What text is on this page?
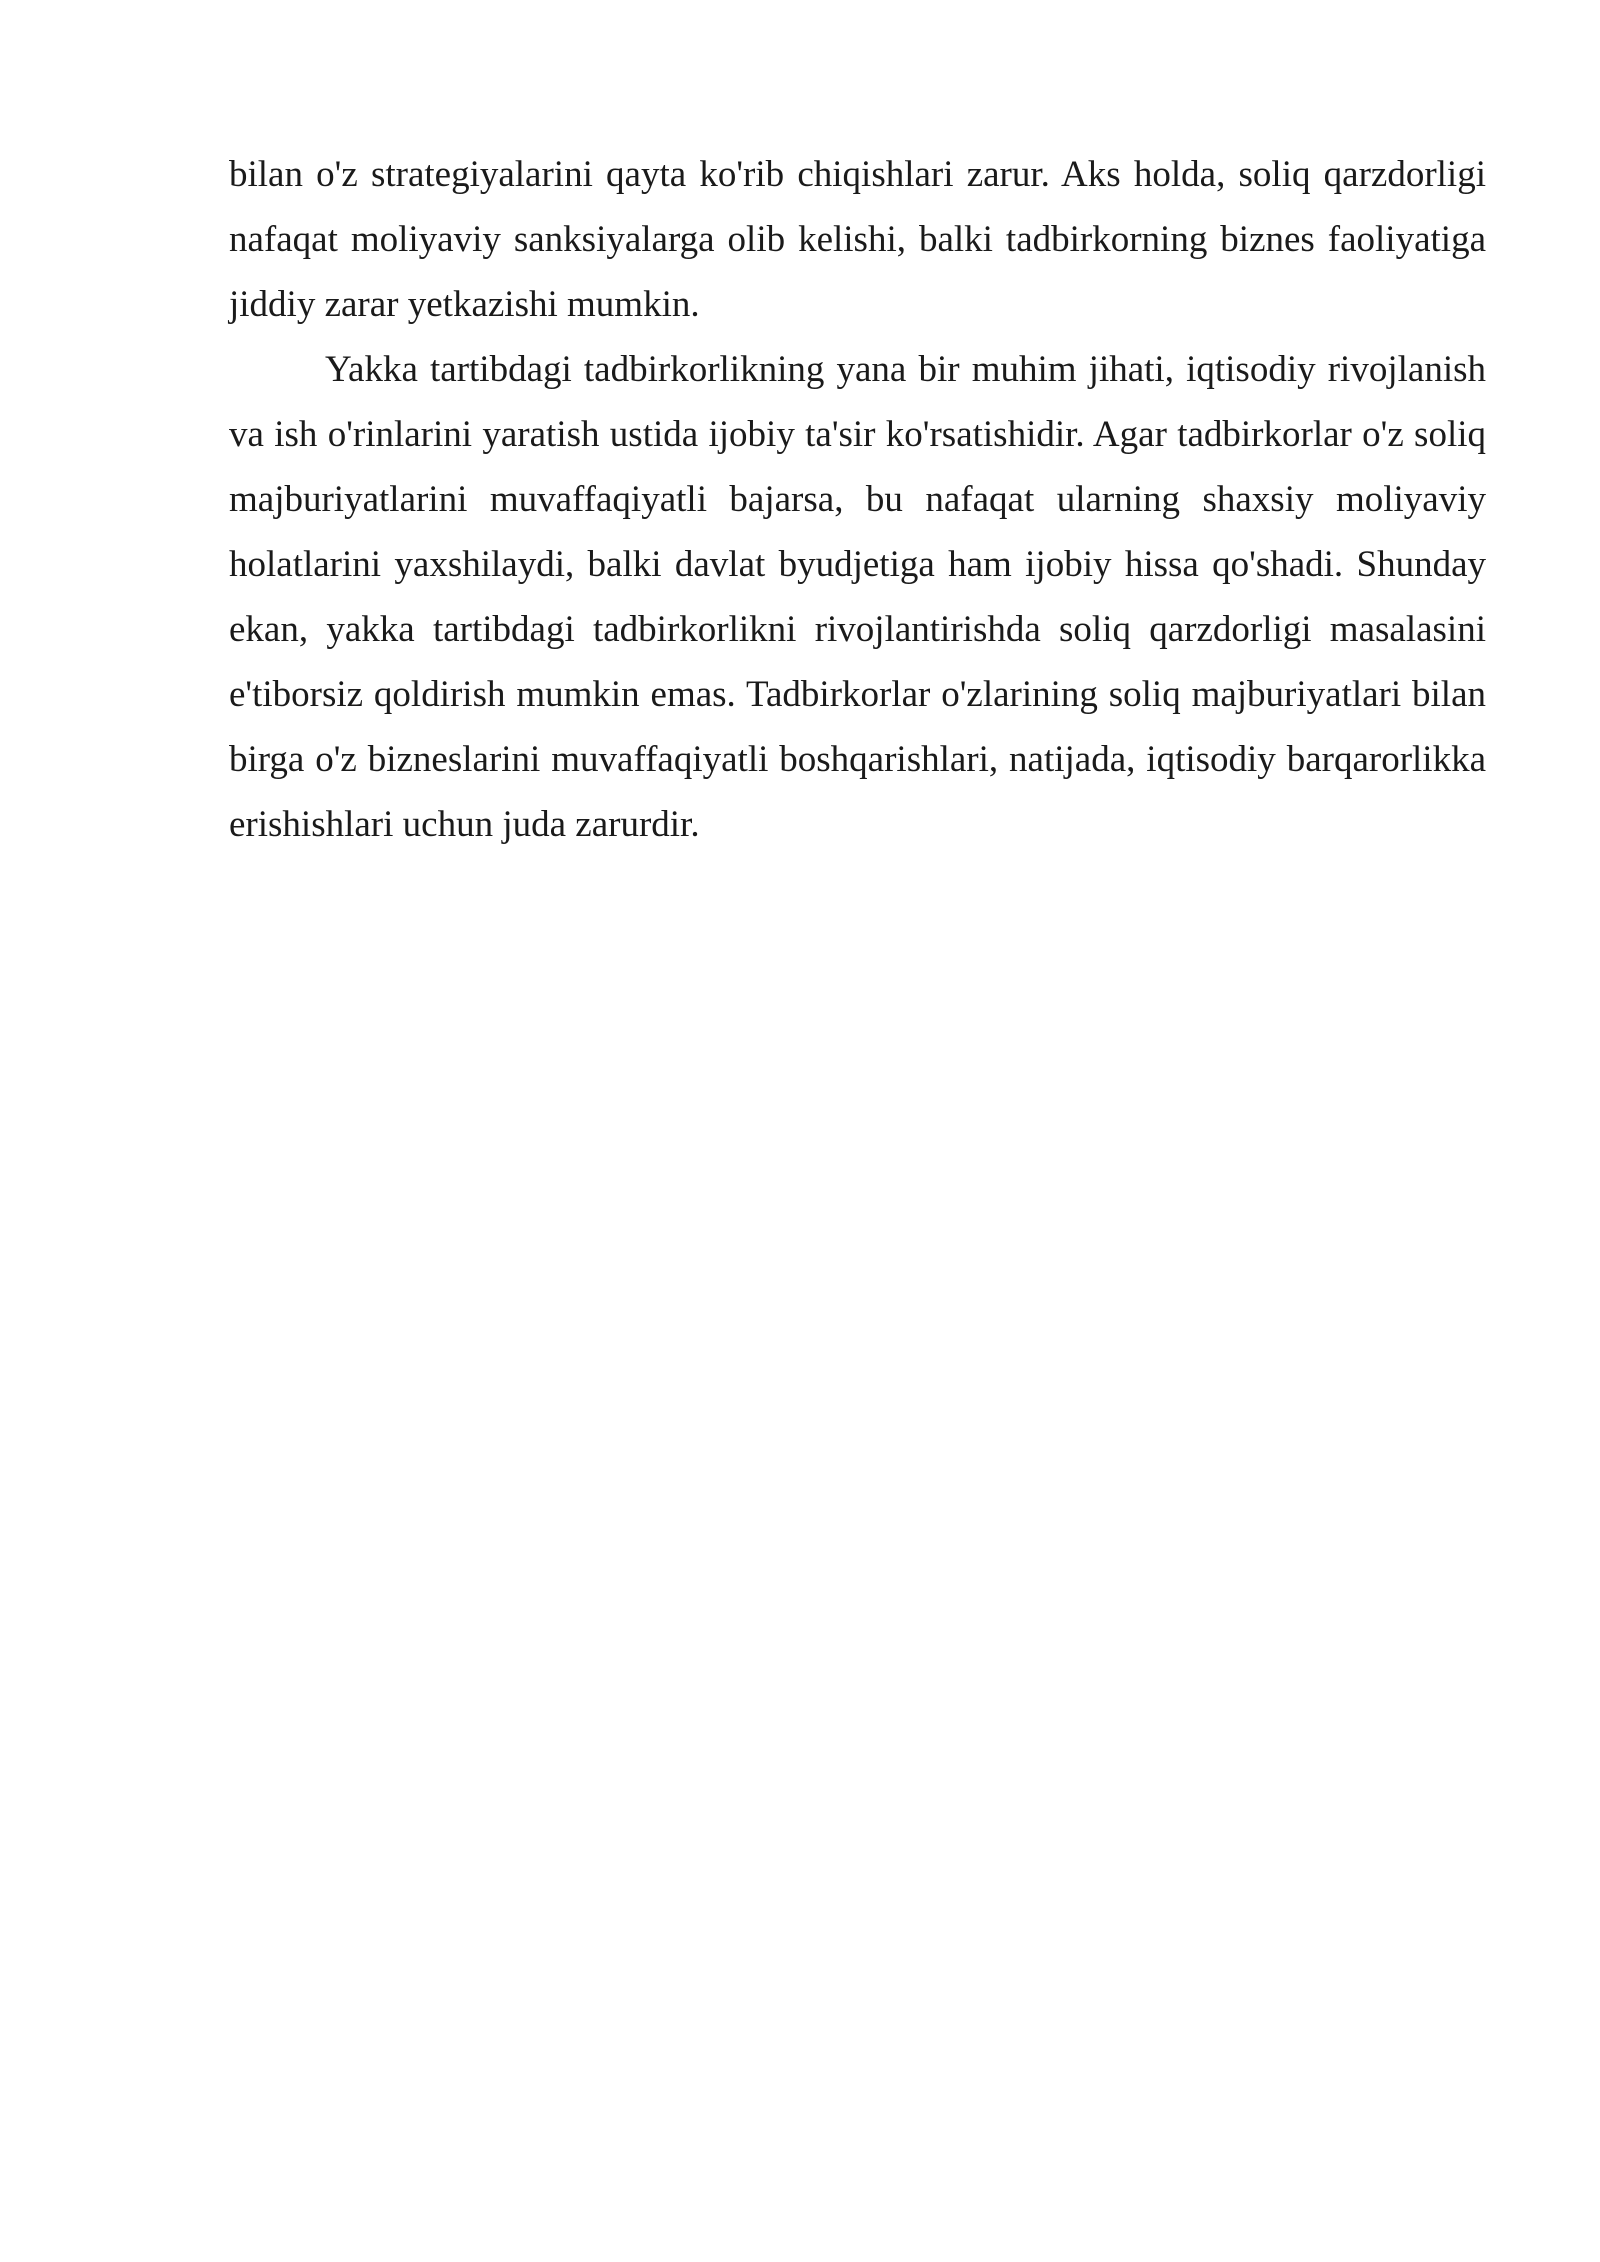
bilan o'z strategiyalarini qayta ko'rib chiqishlari zarur. Aks holda, soliq qarzdorligi nafaqat moliyaviy sanksiyalarga olib kelishi, balki tadbirkorning biznes faoliyatiga jiddiy zarar yetkazishi mumkin.

Yakka tartibdagi tadbirkorlikning yana bir muhim jihati, iqtisodiy rivojlanish va ish o'rinlarini yaratish ustida ijobiy ta'sir ko'rsatishidir. Agar tadbirkorlar o'z soliq majburiyatlarini muvaffaqiyatli bajarsa, bu nafaqat ularning shaxsiy moliyaviy holatlarini yaxshilaydi, balki davlat byudjetiga ham ijobiy hissa qo'shadi. Shunday ekan, yakka tartibdagi tadbirkorlikni rivojlantirishda soliq qarzdorligi masalasini e'tiborsiz qoldirish mumkin emas. Tadbirkorlar o'zlarining soliq majburiyatlari bilan birga o'z bizneslarini muvaffaqiyatli boshqarishlari, natijada, iqtisodiy barqarorlikka erishishlari uchun juda zarurdir.
